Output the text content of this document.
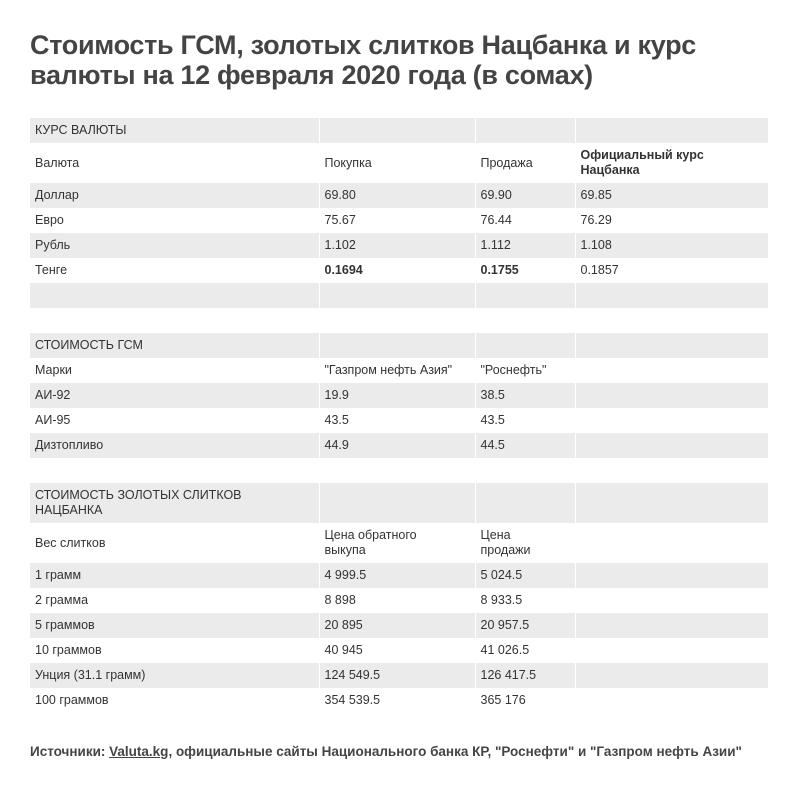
Стоимость ГСМ, золотых слитков Нацбанка и курс валюты на 12 февраля 2020 года (в сомах)
КУРС ВАЛЮТЫ			
Валюта	Покупка	Продажа	Официальный курс Нацбанка
Доллар	69.80	69.90	69.85
Евро	75.67	76.44	76.29
Рубль	1.102	1.112	1.108
Тенге	0.1694	0.1755	0.1857

СТОИМОСТЬ ГСМ			
Марки	"Газпром нефть Азия"	"Роснефть"	
АИ-92	19.9	38.5	
АИ-95	43.5	43.5	
Дизтопливо	44.9	44.5	
СТОИМОСТЬ ЗОЛОТЫХ СЛИТКОВ НАЦБАНКА			
Вес слитков	Цена обратного выкупа	Цена продажи	
1 грамм	4 999.5	5 024.5	
2 грамма	8 898	8 933.5	
5 граммов	20 895	20 957.5	
10 граммов	40 945	41 026.5	
Унция (31.1 грамм)	124 549.5	126 417.5	
100 граммов	354 539.5	365 176	
Источники: Valuta.kg, официальные сайты Национального банка КР, "Роснефти" и "Газпром нефть Азии"
